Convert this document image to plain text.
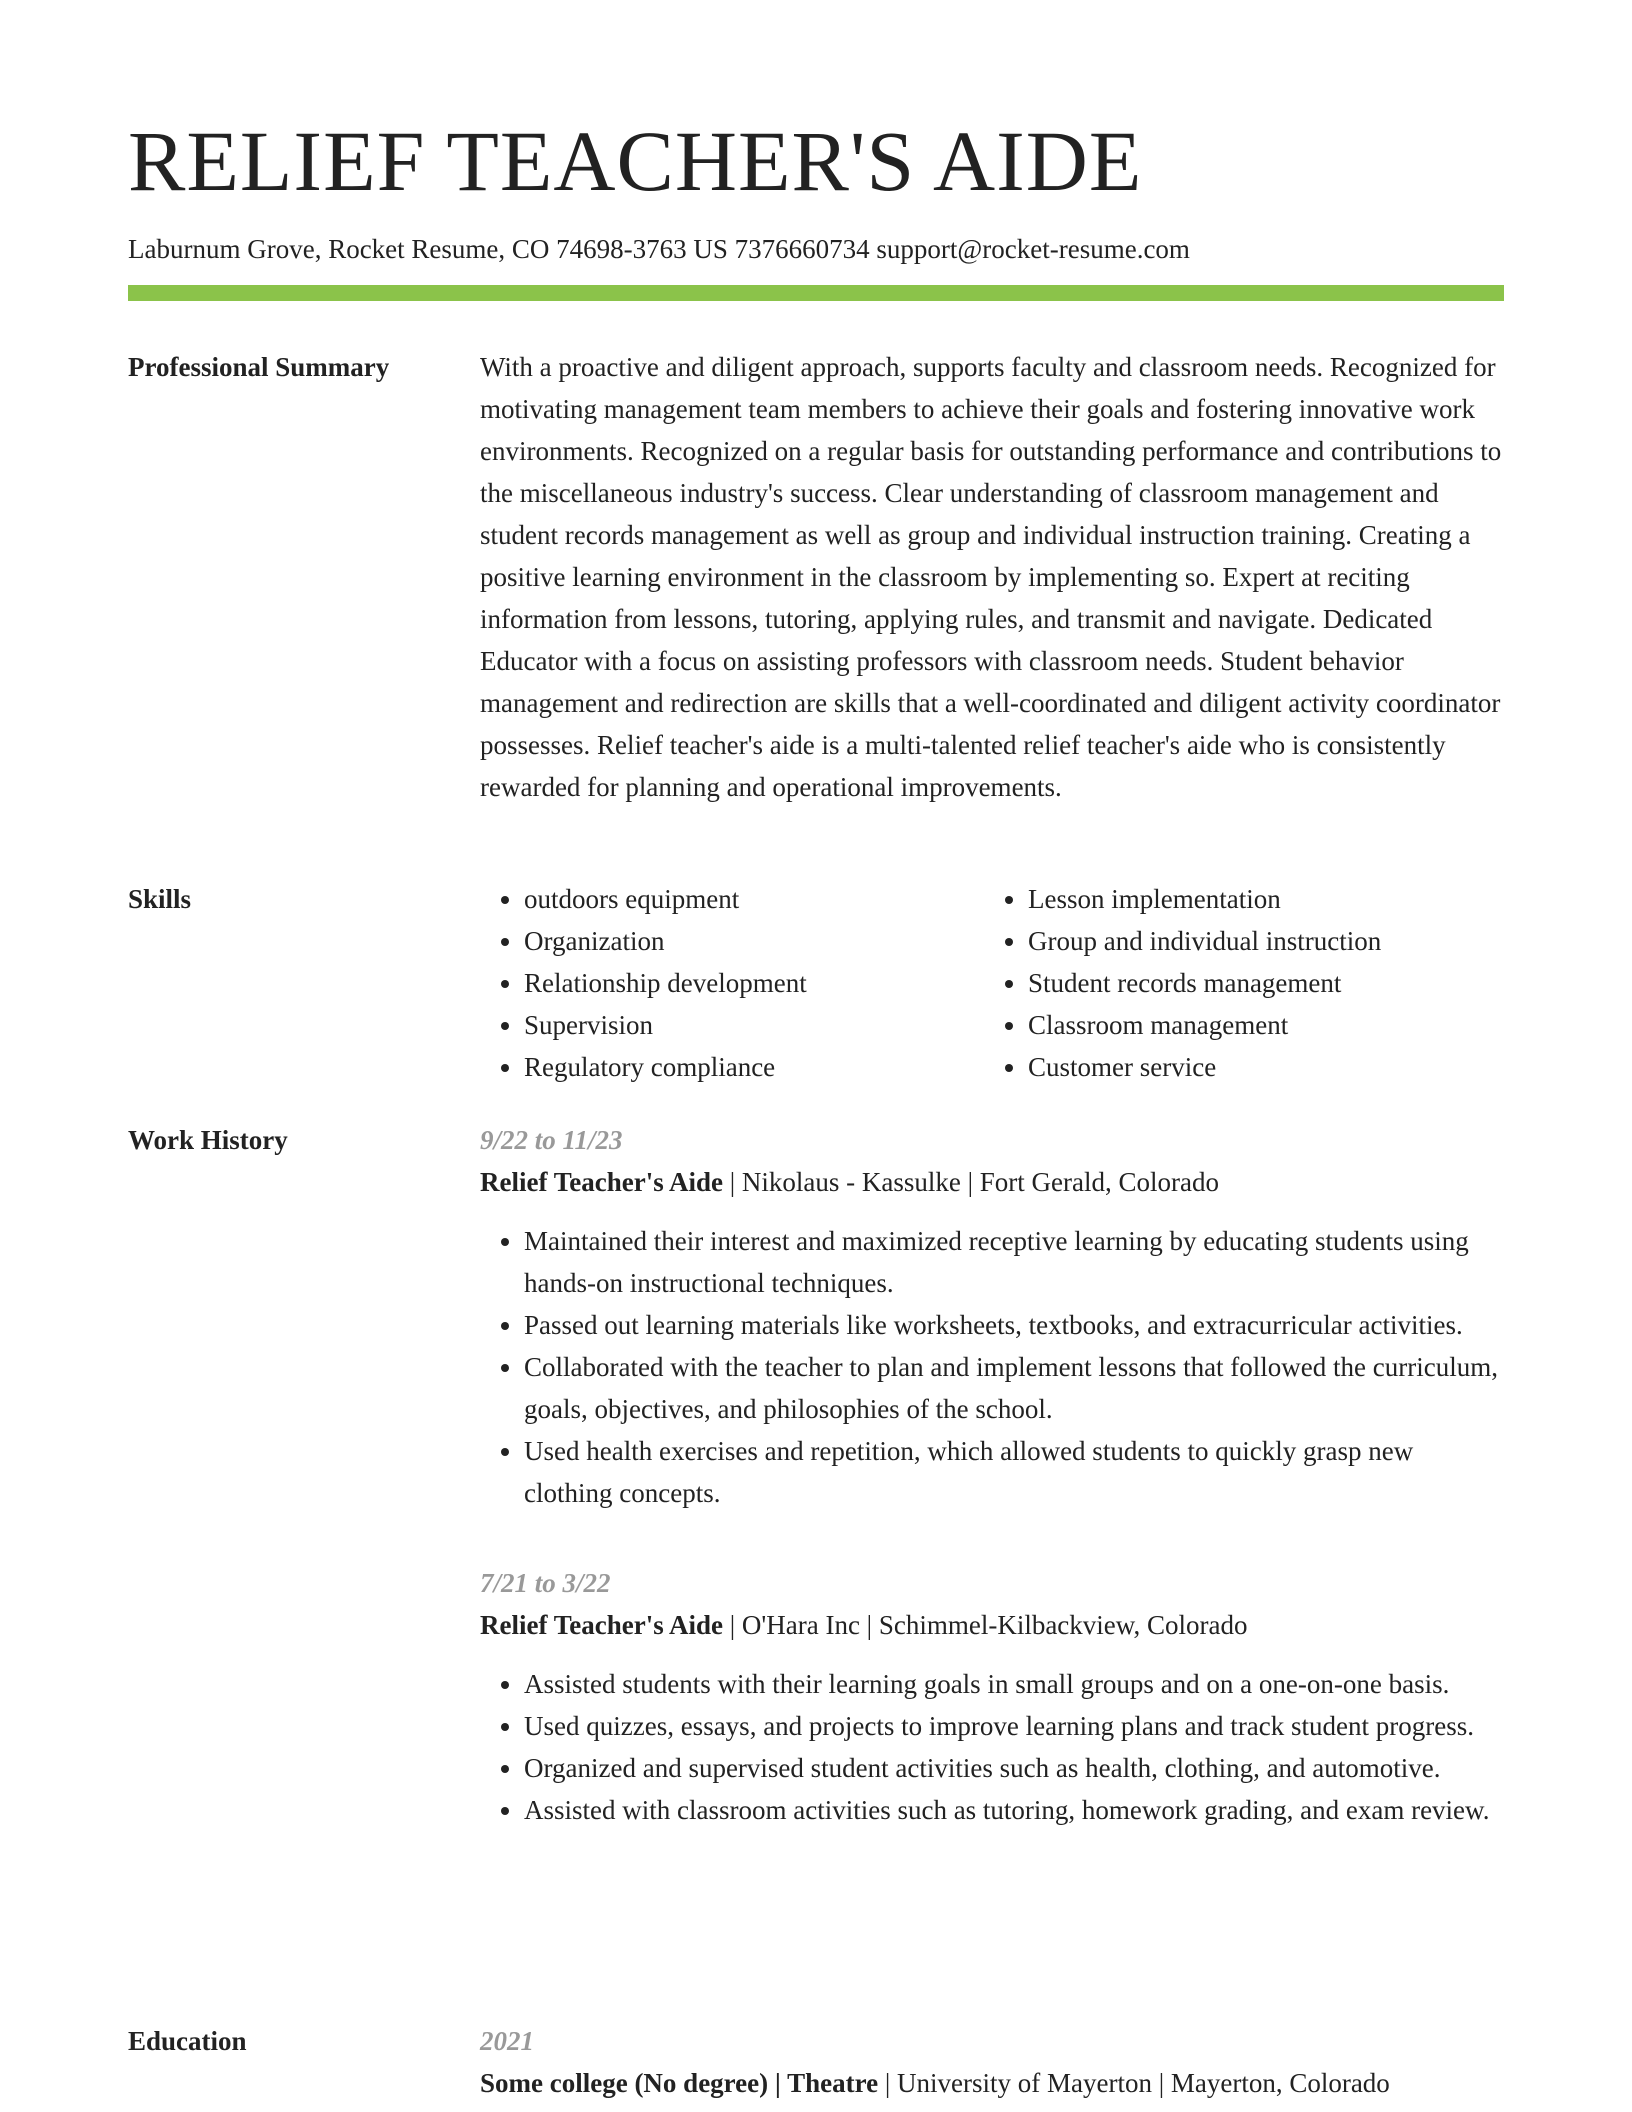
RELIEF TEACHER'S AIDE
Laburnum Grove, Rocket Resume, CO 74698-3763 US 7376660734 support@rocket-resume.com
Professional Summary	With a proactive and diligent approach, supports faculty and classroom needs. Recognized for motivating management team members to achieve their goals and fostering innovative work environments. Recognized on a regular basis for outstanding performance and contributions to the miscellaneous industry's success. Clear understanding of classroom management and student records management as well as group and individual instruction training. Creating a positive learning environment in the classroom by implementing so. Expert at reciting information from lessons, tutoring, applying rules, and transmit and navigate. Dedicated Educator with a focus on assisting professors with classroom needs. Student behavior management and redirection are skills that a well-coordinated and diligent activity coordinator possesses. Relief teacher's aide is a multi-talented relief teacher's aide who is consistently rewarded for planning and operational improvements.

Skills
•	outdoors equipment
• Organization
• Relationship development
• Supervision
• Regulatory compliance
• Lesson implementation
• Group and individual instruction
• Student records management
• Classroom management
• Customer service
Work History	9/22 to 11/23
Relief Teacher's Aide | Nikolaus - Kassulke | Fort Gerald, Colorado
• Maintained their interest and maximized receptive learning by educating students using hands-on instructional techniques.
• Passed out learning materials like worksheets, textbooks, and extracurricular activities.
• Collaborated with the teacher to plan and implement lessons that followed the curriculum, goals, objectives, and philosophies of the school.
• Used health exercises and repetition, which allowed students to quickly grasp new clothing concepts.
7/21 to 3/22
Relief Teacher's Aide | O'Hara Inc | Schimmel-Kilbackview, Colorado
• Assisted students with their learning goals in small groups and on a one-on-one basis.
• Used quizzes, essays, and projects to improve learning plans and track student progress.
• Organized and supervised student activities such as health, clothing, and automotive.
• Assisted with classroom activities such as tutoring, homework grading, and exam review.
Education	2021
Some college (No degree) | Theatre | University of Mayerton | Mayerton, Colorado
